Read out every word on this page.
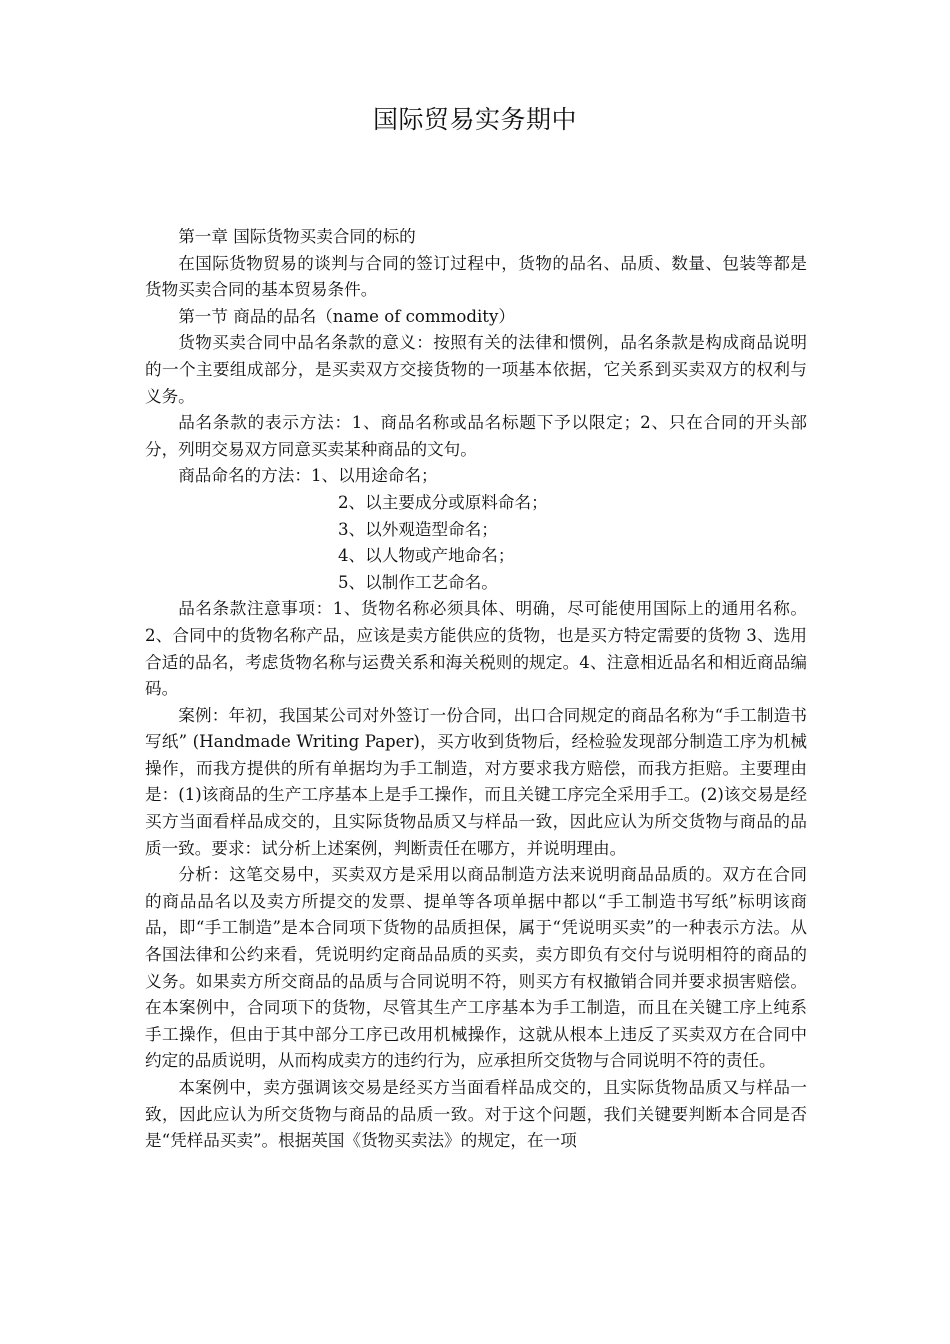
国际贸易实务期中

第一章 国际货物买卖合同的标的

在国际货物贸易的谈判与合同的签订过程中，货物的品名、品质、数量、包装等都是货物买卖合同的基本贸易条件。

第一节 商品的品名（name of commodity）

货物买卖合同中品名条款的意义：按照有关的法律和惯例，品名条款是构成商品说明的一个主要组成部分，是买卖双方交接货物的一项基本依据，它关系到买卖双方的权利与义务。

品名条款的表示方法：1、商品名称或品名标题下予以限定；2、只在合同的开头部分，列明交易双方同意买卖某种商品的文句。

商品命名的方法：1、以用途命名；
2、以主要成分或原料命名；
3、以外观造型命名；
4、以人物或产地命名；
5、以制作工艺命名。

品名条款注意事项：1、货物名称必须具体、明确，尽可能使用国际上的通用名称。2、合同中的货物名称产品，应该是卖方能供应的货物，也是买方特定需要的货物 3、选用合适的品名，考虑货物名称与运费关系和海关税则的规定。4、注意相近品名和相近商品编码。

案例：年初，我国某公司对外签订一份合同，出口合同规定的商品名称为“手工制造书写纸” (Handmade Writing Paper)，买方收到货物后，经检验发现部分制造工序为机械操作，而我方提供的所有单据均为手工制造，对方要求我方赔偿，而我方拒赔。主要理由是：(1)该商品的生产工序基本上是手工操作，而且关键工序完全采用手工。(2)该交易是经买方当面看样品成交的，且实际货物品质又与样品一致，因此应认为所交货物与商品的品质一致。要求：试分析上述案例，判断责任在哪方，并说明理由。

分析：这笔交易中，买卖双方是采用以商品制造方法来说明商品品质的。双方在合同的商品品名以及卖方所提交的发票、提单等各项单据中都以“手工制造书写纸”标明该商品，即“手工制造”是本合同项下货物的品质担保，属于“凭说明买卖”的一种表示方法。从各国法律和公约来看，凭说明约定商品品质的买卖，卖方即负有交付与说明相符的商品的义务。如果卖方所交商品的品质与合同说明不符，则买方有权撤销合同并要求损害赔偿。在本案例中，合同项下的货物，尽管其生产工序基本为手工制造，而且在关键工序上纯系手工操作，但由于其中部分工序已改用机械操作，这就从根本上违反了买卖双方在合同中约定的品质说明，从而构成卖方的违约行为，应承担所交货物与合同说明不符的责任。

本案例中，卖方强调该交易是经买方当面看样品成交的，且实际货物品质又与样品一致，因此应认为所交货物与商品的品质一致。对于这个问题，我们关键要判断本合同是否是“凭样品买卖”。根据英国《货物买卖法》的规定，在一项
